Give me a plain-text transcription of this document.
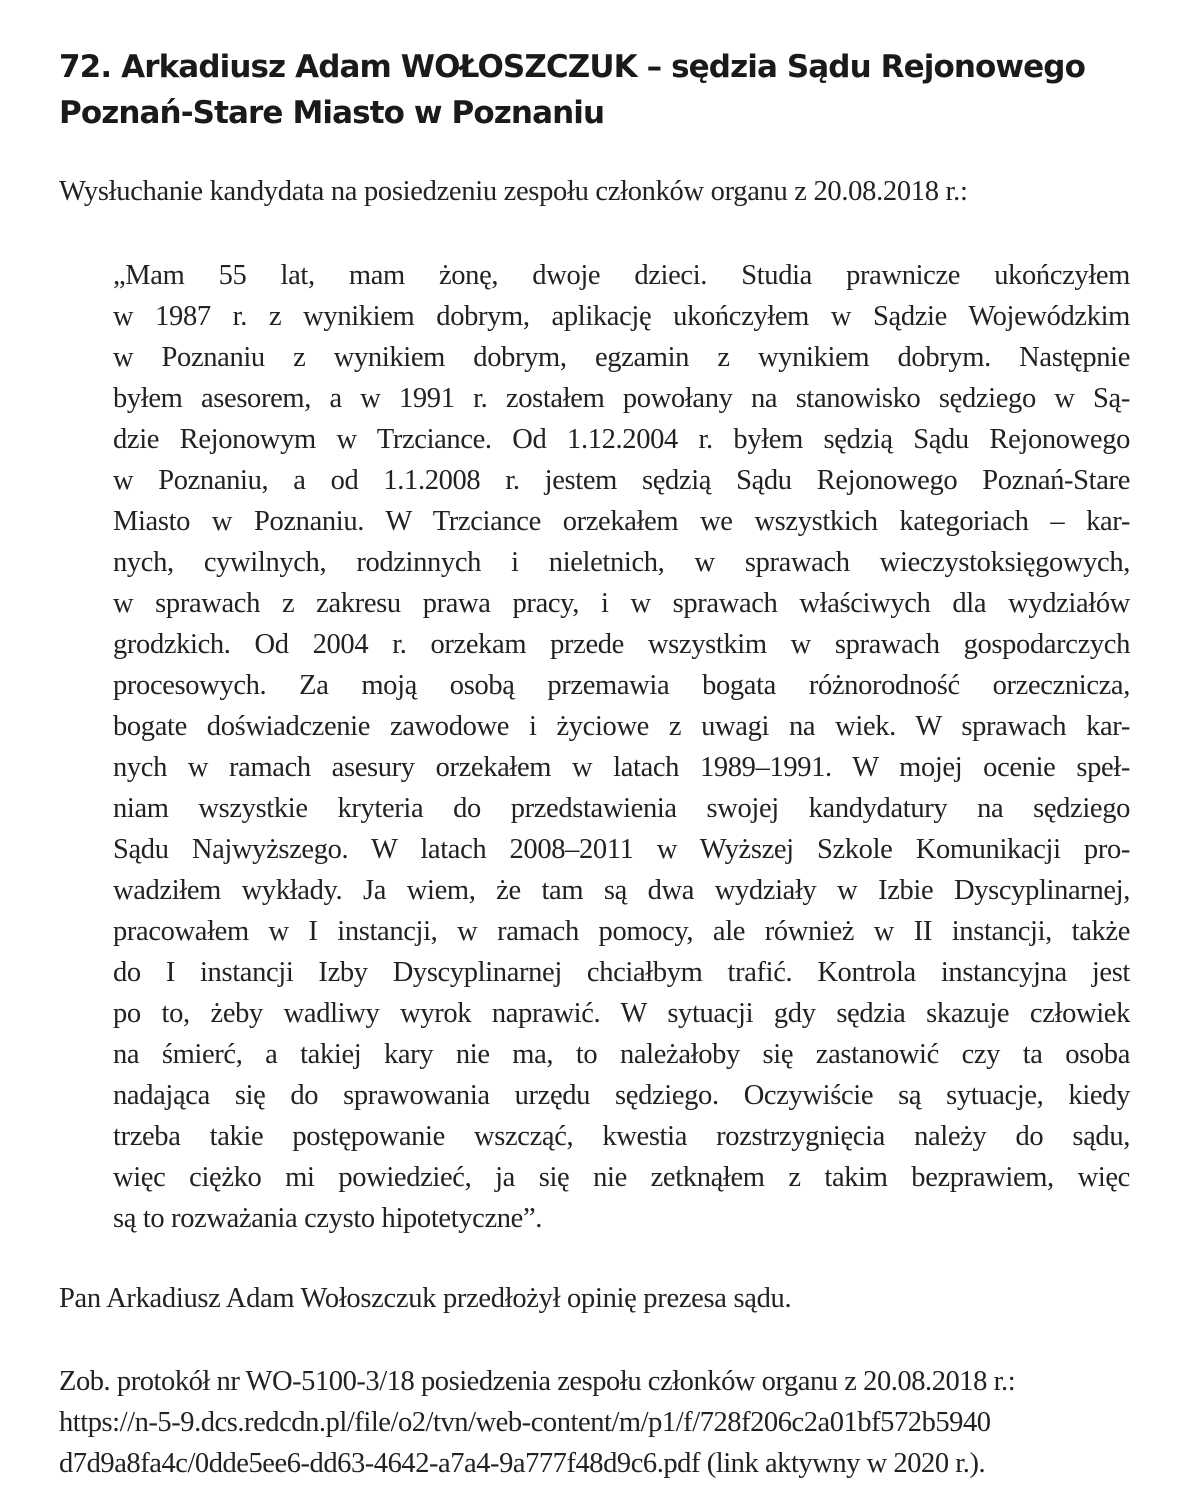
72. Arkadiusz Adam WOŁOSZCZUK – sędzia Sądu Rejonowego
Poznań-Stare Miasto w Poznaniu
Wysłuchanie kandydata na posiedzeniu zespołu członków organu z 20.08.2018 r.:
„Mam 55 lat, mam żonę, dwoje dzieci. Studia prawnicze ukończyłem
w 1987 r. z wynikiem dobrym, aplikację ukończyłem w Sądzie Wojewódzkim
w Poznaniu z wynikiem dobrym, egzamin z wynikiem dobrym. Następnie
byłem asesorem, a w 1991 r. zostałem powołany na stanowisko sędziego w Są-
dzie Rejonowym w Trzciance. Od 1.12.2004 r. byłem sędzią Sądu Rejonowego
w Poznaniu, a od 1.1.2008 r. jestem sędzią Sądu Rejonowego Poznań-Stare
Miasto w Poznaniu. W Trzciance orzekałem we wszystkich kategoriach – kar-
nych, cywilnych, rodzinnych i nieletnich, w sprawach wieczystoksięgowych,
w sprawach z zakresu prawa pracy, i w sprawach właściwych dla wydziałów
grodzkich. Od 2004 r. orzekam przede wszystkim w sprawach gospodarczych
procesowych. Za moją osobą przemawia bogata różnorodność orzecznicza,
bogate doświadczenie zawodowe i życiowe z uwagi na wiek. W sprawach kar-
nych w ramach asesury orzekałem w latach 1989–1991. W mojej ocenie speł-
niam wszystkie kryteria do przedstawienia swojej kandydatury na sędziego
Sądu Najwyższego. W latach 2008–2011 w Wyższej Szkole Komunikacji pro-
wadziłem wykłady. Ja wiem, że tam są dwa wydziały w Izbie Dyscyplinarnej,
pracowałem w I instancji, w ramach pomocy, ale również w II instancji, także
do I instancji Izby Dyscyplinarnej chciałbym trafić. Kontrola instancyjna jest
po to, żeby wadliwy wyrok naprawić. W sytuacji gdy sędzia skazuje człowiek
na śmierć, a takiej kary nie ma, to należałoby się zastanowić czy ta osoba
nadająca się do sprawowania urzędu sędziego. Oczywiście są sytuacje, kiedy
trzeba takie postępowanie wszcząć, kwestia rozstrzygnięcia należy do sądu,
więc ciężko mi powiedzieć, ja się nie zetknąłem z takim bezprawiem, więc
są to rozważania czysto hipotetyczne”.

Pan Arkadiusz Adam Wołoszczuk przedłożył opinię prezesa sądu.

Zob. protokół nr WO-5100-3/18 posiedzenia zespołu członków organu z 20.08.2018 r.:
https://n-5-9.dcs.redcdn.pl/file/o2/tvn/web-content/m/p1/f/728f206c2a01bf572b5940
d7d9a8fa4c/0dde5ee6-dd63-4642-a7a4-9a777f48d9c6.pdf (link aktywny w 2020 r.).
